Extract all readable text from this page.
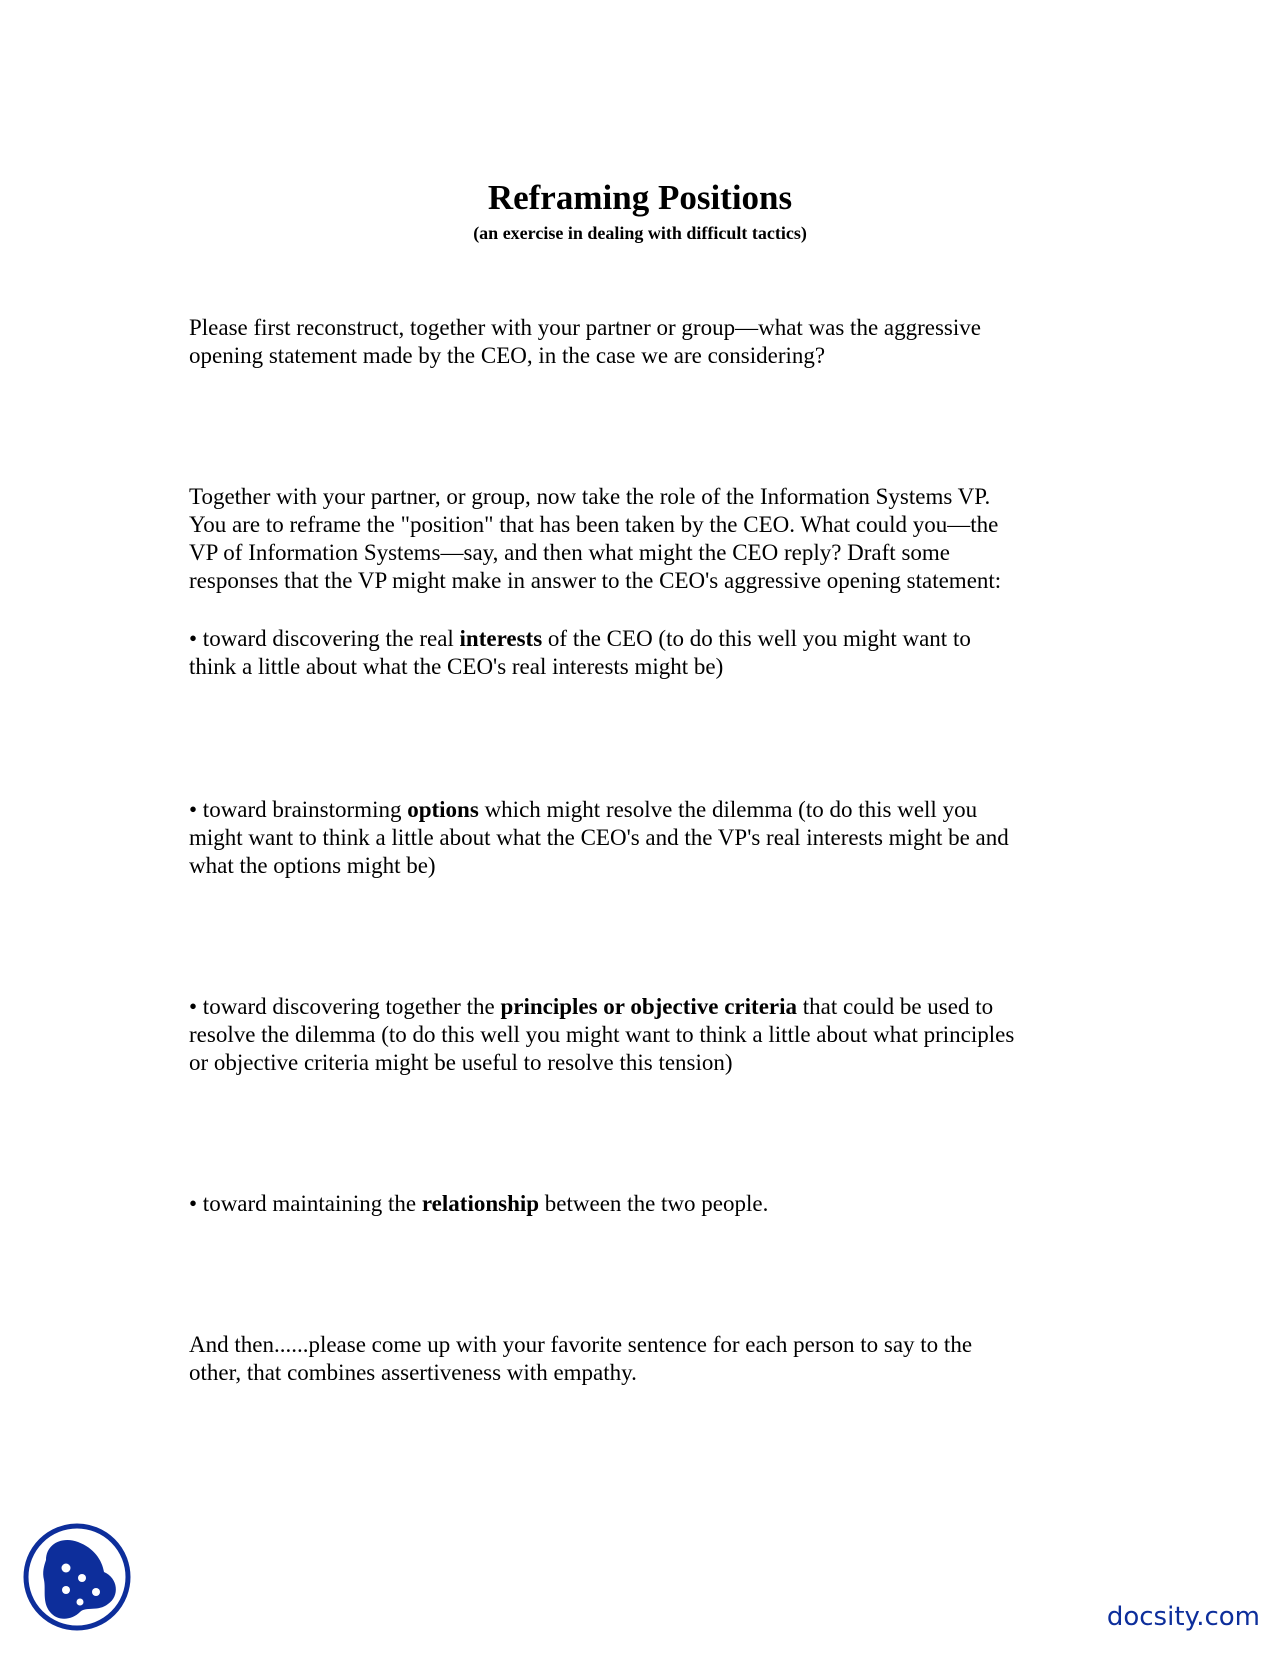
Reframing Positions
(an exercise in dealing with difficult tactics)

Please first reconstruct, together with your partner or group—what was the aggressive
opening statement made by the CEO, in the case we are considering?

Together with your partner, or group, now take the role of the Information Systems VP.
You are to reframe the "position" that has been taken by the CEO. What could you—the
VP of Information Systems—say, and then what might the CEO reply? Draft some
responses that the VP might make in answer to the CEO's aggressive opening statement:

• toward discovering the real interests of the CEO (to do this well you might want to
think a little about what the CEO's real interests might be)

• toward brainstorming options which might resolve the dilemma (to do this well you
might want to think a little about what the CEO's and the VP's real interests might be and
what the options might be)

• toward discovering together the principles or objective criteria that could be used to
resolve the dilemma (to do this well you might want to think a little about what principles
or objective criteria might be useful to resolve this tension)

• toward maintaining the relationship between the two people.

And then......please come up with your favorite sentence for each person to say to the
other, that combines assertiveness with empathy.

docsity.com
